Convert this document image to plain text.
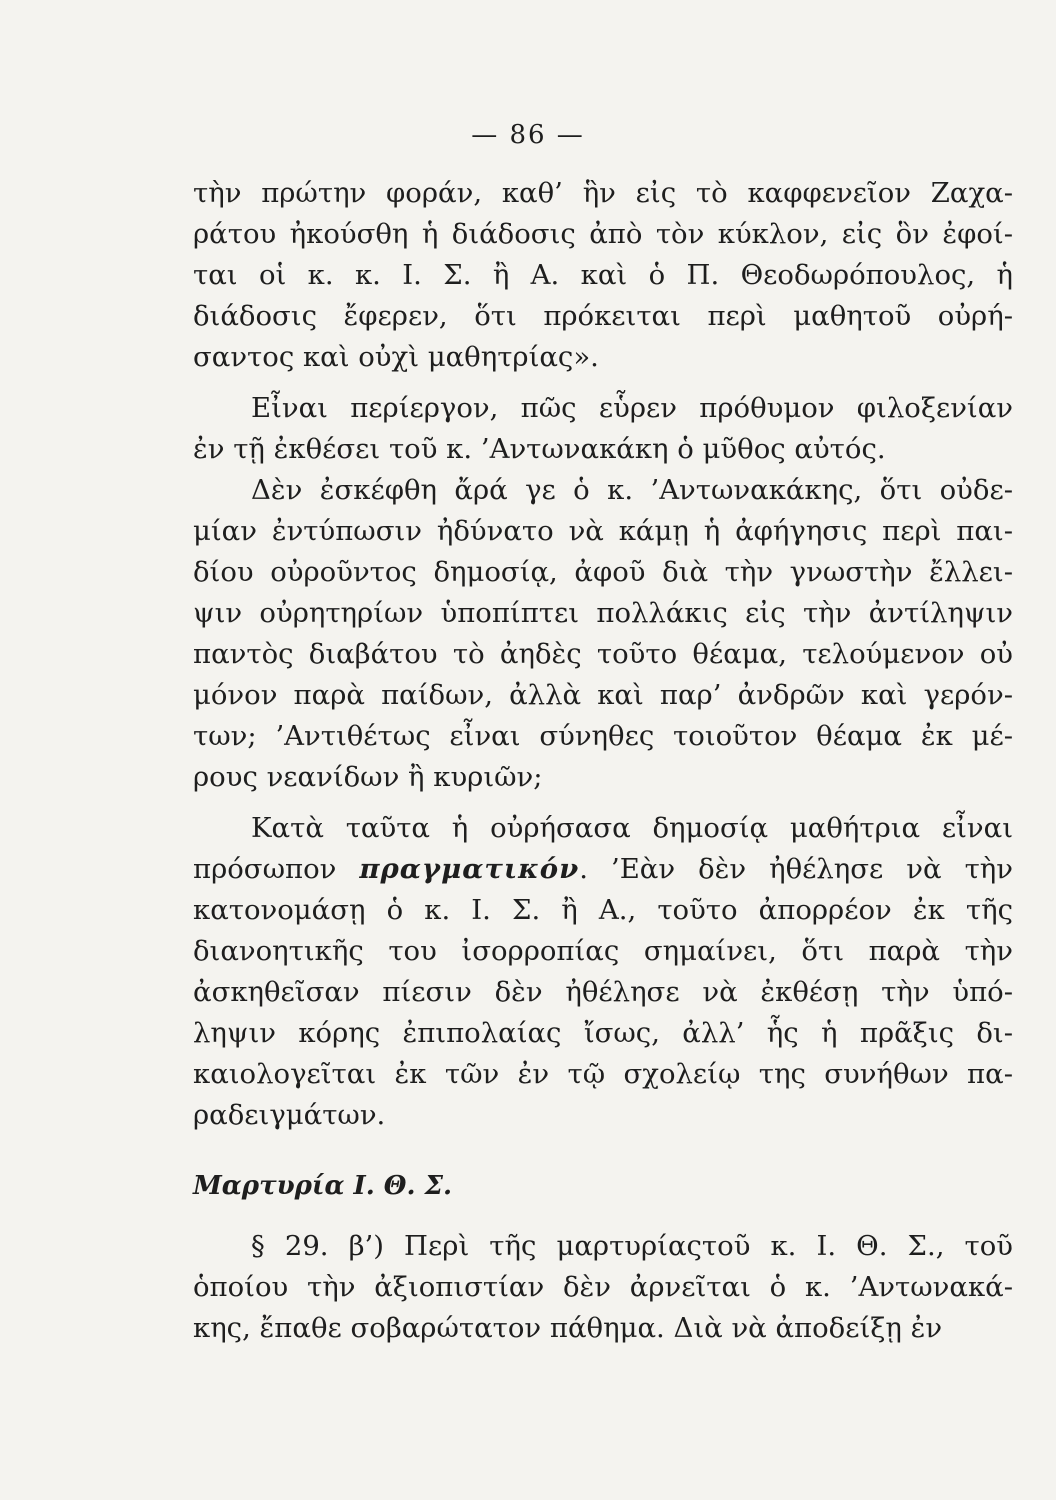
— 86 —
τὴν πρώτην φοράν, καθ’ ἣν εἰς τὸ καφφενεῖον Ζαχα-
ράτου ἠκούσθη ἡ διάδοσις ἀπὸ τὸν κύκλον, εἰς ὃν ἐφοί-
ται οἱ κ. κ. Ι. Σ. ἢ Α. καὶ ὁ Π. Θεοδωρόπουλος, ἡ
διάδοσις ἔφερεν, ὅτι πρόκειται περὶ μαθητοῦ οὐρή-
σαντος καὶ οὐχὶ μαθητρίας».
Εἶναι περίεργον, πῶς εὗρεν πρόθυμον φιλοξενίαν
ἐν τῇ ἐκθέσει τοῦ κ. ’Αντωνακάκη ὁ μῦθος αὐτός.
Δὲν ἐσκέφθη ἄρά γε ὁ κ. ’Αντωνακάκης, ὅτι οὐδε-
μίαν ἐντύπωσιν ἠδύνατο νὰ κάμῃ ἡ ἀφήγησις περὶ παι-
δίου οὐροῦντος δημοσίᾳ, ἀφοῦ διὰ τὴν γνωστὴν ἔλλει-
ψιν οὐρητηρίων ὑποπίπτει πολλάκις εἰς τὴν ἀντίληψιν
παντὸς διαβάτου τὸ ἀηδὲς τοῦτο θέαμα, τελούμενον οὐ
μόνον παρὰ παίδων, ἀλλὰ καὶ παρ’ ἀνδρῶν καὶ γερόν-
των; ’Αντιθέτως εἶναι σύνηθες τοιοῦτον θέαμα ἐκ μέ-
ρους νεανίδων ἢ κυριῶν;
Κατὰ ταῦτα ἡ οὐρήσασα δημοσίᾳ μαθήτρια εἶναι
πρόσωπον πραγματικόν. ’Εὰν δὲν ἠθέλησε νὰ τὴν
κατονομάσῃ ὁ κ. Ι. Σ. ἢ Α., τοῦτο ἀπορρέον ἐκ τῆς
διανοητικῆς του ἰσορροπίας σημαίνει, ὅτι παρὰ τὴν
ἀσκηθεῖσαν πίεσιν δὲν ἠθέλησε νὰ ἐκθέσῃ τὴν ὑπό-
ληψιν κόρης ἐπιπολαίας ἴσως, ἀλλ’ ἧς ἡ πρᾶξις δι-
καιολογεῖται ἐκ τῶν ἐν τῷ σχολείῳ της συνήθων πα-
ραδειγμάτων.
Μαρτυρία Ι. Θ. Σ.
§ 29. β’) Περὶ τῆς μαρτυρίαςτοῦ κ. Ι. Θ. Σ., τοῦ
ὁποίου τὴν ἀξιοπιστίαν δὲν ἀρνεῖται ὁ κ. ’Αντωνακά-
κης, ἔπαθε σοβαρώτατον πάθημα. Διὰ νὰ ἀποδείξῃ ἐν
